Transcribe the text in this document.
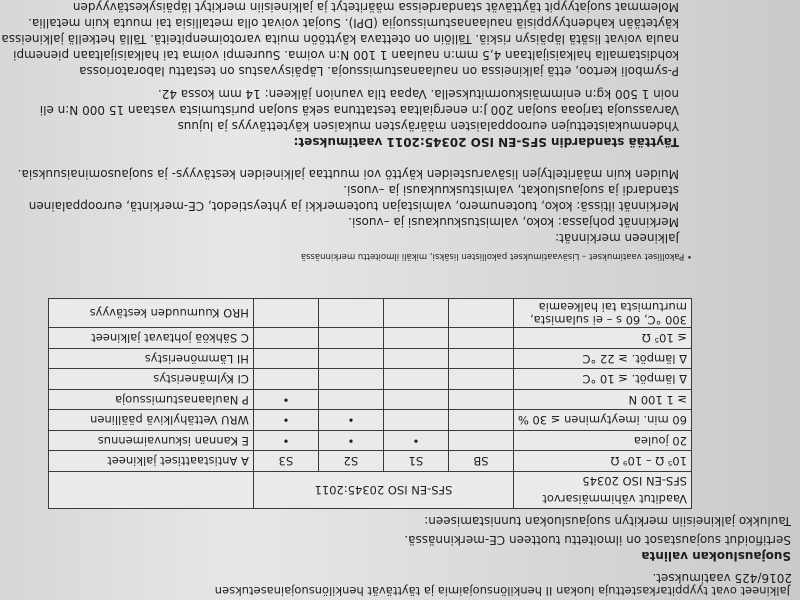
Jalkineet ovat tyyppitarkastettuja luokan II henkilönsuojaimia ja täyttävät henkilönsuojainasetuksen
2016/425 vaatimukset.
Suojausluokan valinta
Sertifioidut suojaustasot on ilmoitettu tuotteen CE-merkinnässä.
Taulukko jalkineisiin merkityn suojausluokan tunnistamiseen:
Vaaditut vähimmäisarvot
SFS-EN ISO 20345	SFS-EN ISO 20345:2011				
10⁵ Ω – 10⁹ Ω	SB	S1	S2	S3	A Antistaattiset jalkineet
20 joulea		•	•	•	E Kannan iskunvaimennus
60 min. imeytyminen ≤ 30 %			•	•	WRU Vettähylkivä päällinen
≥ 1 100 N				•	P Naulaanastumissuoja
Δ lämpöt. ≤ 10 °C					CI Kylmäneristys
Δ lämpöt. ≥ 22 °C					HI Lämmöneristys
≤ 10⁵ Ω					C Sähköä johtavat jalkineet
300 °C, 60 s – ei sulamista, murtumista tai halkeamia					HRO Kuumuuden kestävyys
• Pakolliset vaatimukset – Lisävaatimukset pakollisten lisäksi, mikäli ilmoitettu merkinnässä
Jalkineen merkinnät:
Merkinnät pohjassa: koko, valmistuskuukausi ja –vuosi.
Merkinnät iltissä: koko, tuotenumero, valmistajan tuotemerkki ja yhteystiedot, CE-merkintä, eurooppalainen
standardi ja suojausluokat, valmistuskuukausi ja –vuosi.
Muiden kuin määriteltyjen lisävarusteiden käyttö voi muuttaa jalkineiden kestävyys- ja suojausominaisuuksia.
Täyttää standardin SFS-EN ISO 20345:2011 vaatimukset:
Yhdenmukaistettujen eurooppalaisten määräysten mukaisen käytettävyys ja lujuus
Varvassuoja tarjoaa suojan 200 J:n energialtaa testattuna sekä suojan puristumista vastaan 15 000 N:n eli
noin 1 500 kg:n enimmäiskuormituksella. Vapaa tila vaunion jälkeen: 14 mm kossa 42.
P-symboli kertoo, että jalkineissa on naulaanastumissuoja. Läpäisyvastus on testattu laboratoriossa
kohdistamalla halkaisijaltaan 4,5 mm:n naulaan 1 100 N:n voima. Suurempi voima tai halkaisijaltaan pienempi
naula voivat lisätä läpäisyn riskiä. Tällöin on otettava käyttöön muita varotoimenpiteitä. Tällä hetkellä jalkineissa
käytetään kahdentyyppisiä naulaanastumissuojia (DPI). Suojat voivat olla metallisia tai muuta kuin metallia.
Molemmat suojatyypit täyttävät standardeissa määritetyt ja jalkineisiin merkityt läpäisykestävyyden
